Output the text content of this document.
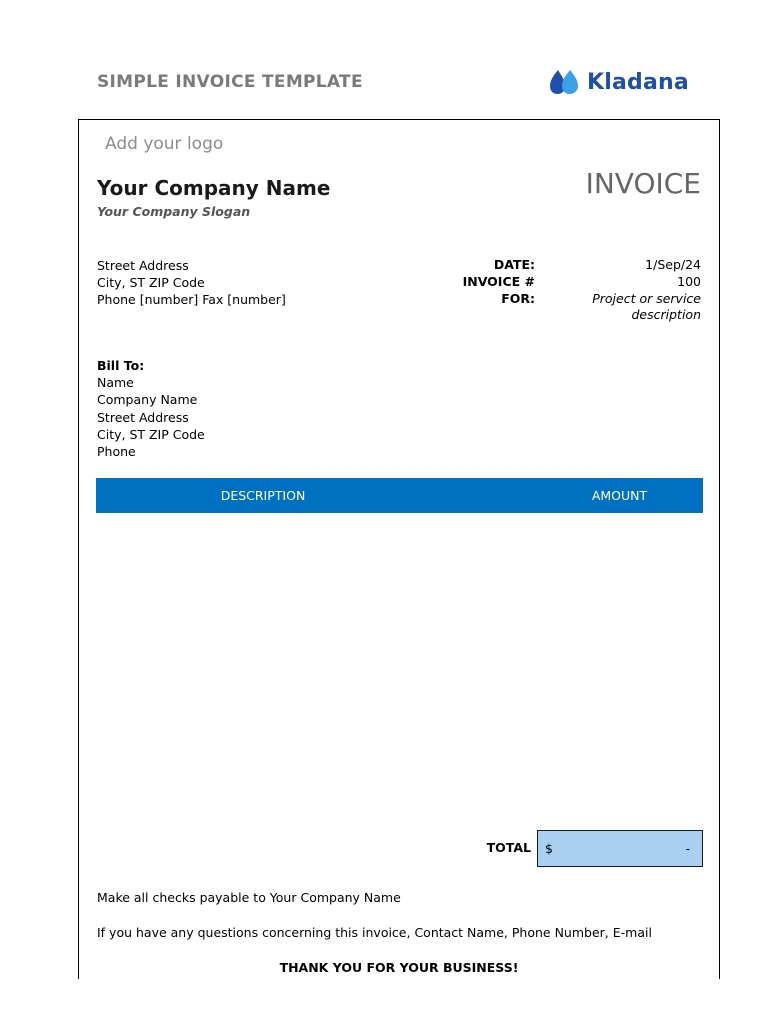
SIMPLE INVOICE TEMPLATE	Kladana
Add your logo
Your Company Name
Your Company Slogan
INVOICE
Street Address
City, ST ZIP Code
Phone [number] Fax [number]
DATE:	1/Sep/24
INVOICE #	100
FOR:	Project or service description
Bill To:
Name
Company Name
Street Address
City, ST ZIP Code
Phone
DESCRIPTION	AMOUNT
TOTAL $	-
Make all checks payable to Your Company Name
If you have any questions concerning this invoice, Contact Name, Phone Number, E-mail
THANK YOU FOR YOUR BUSINESS!
